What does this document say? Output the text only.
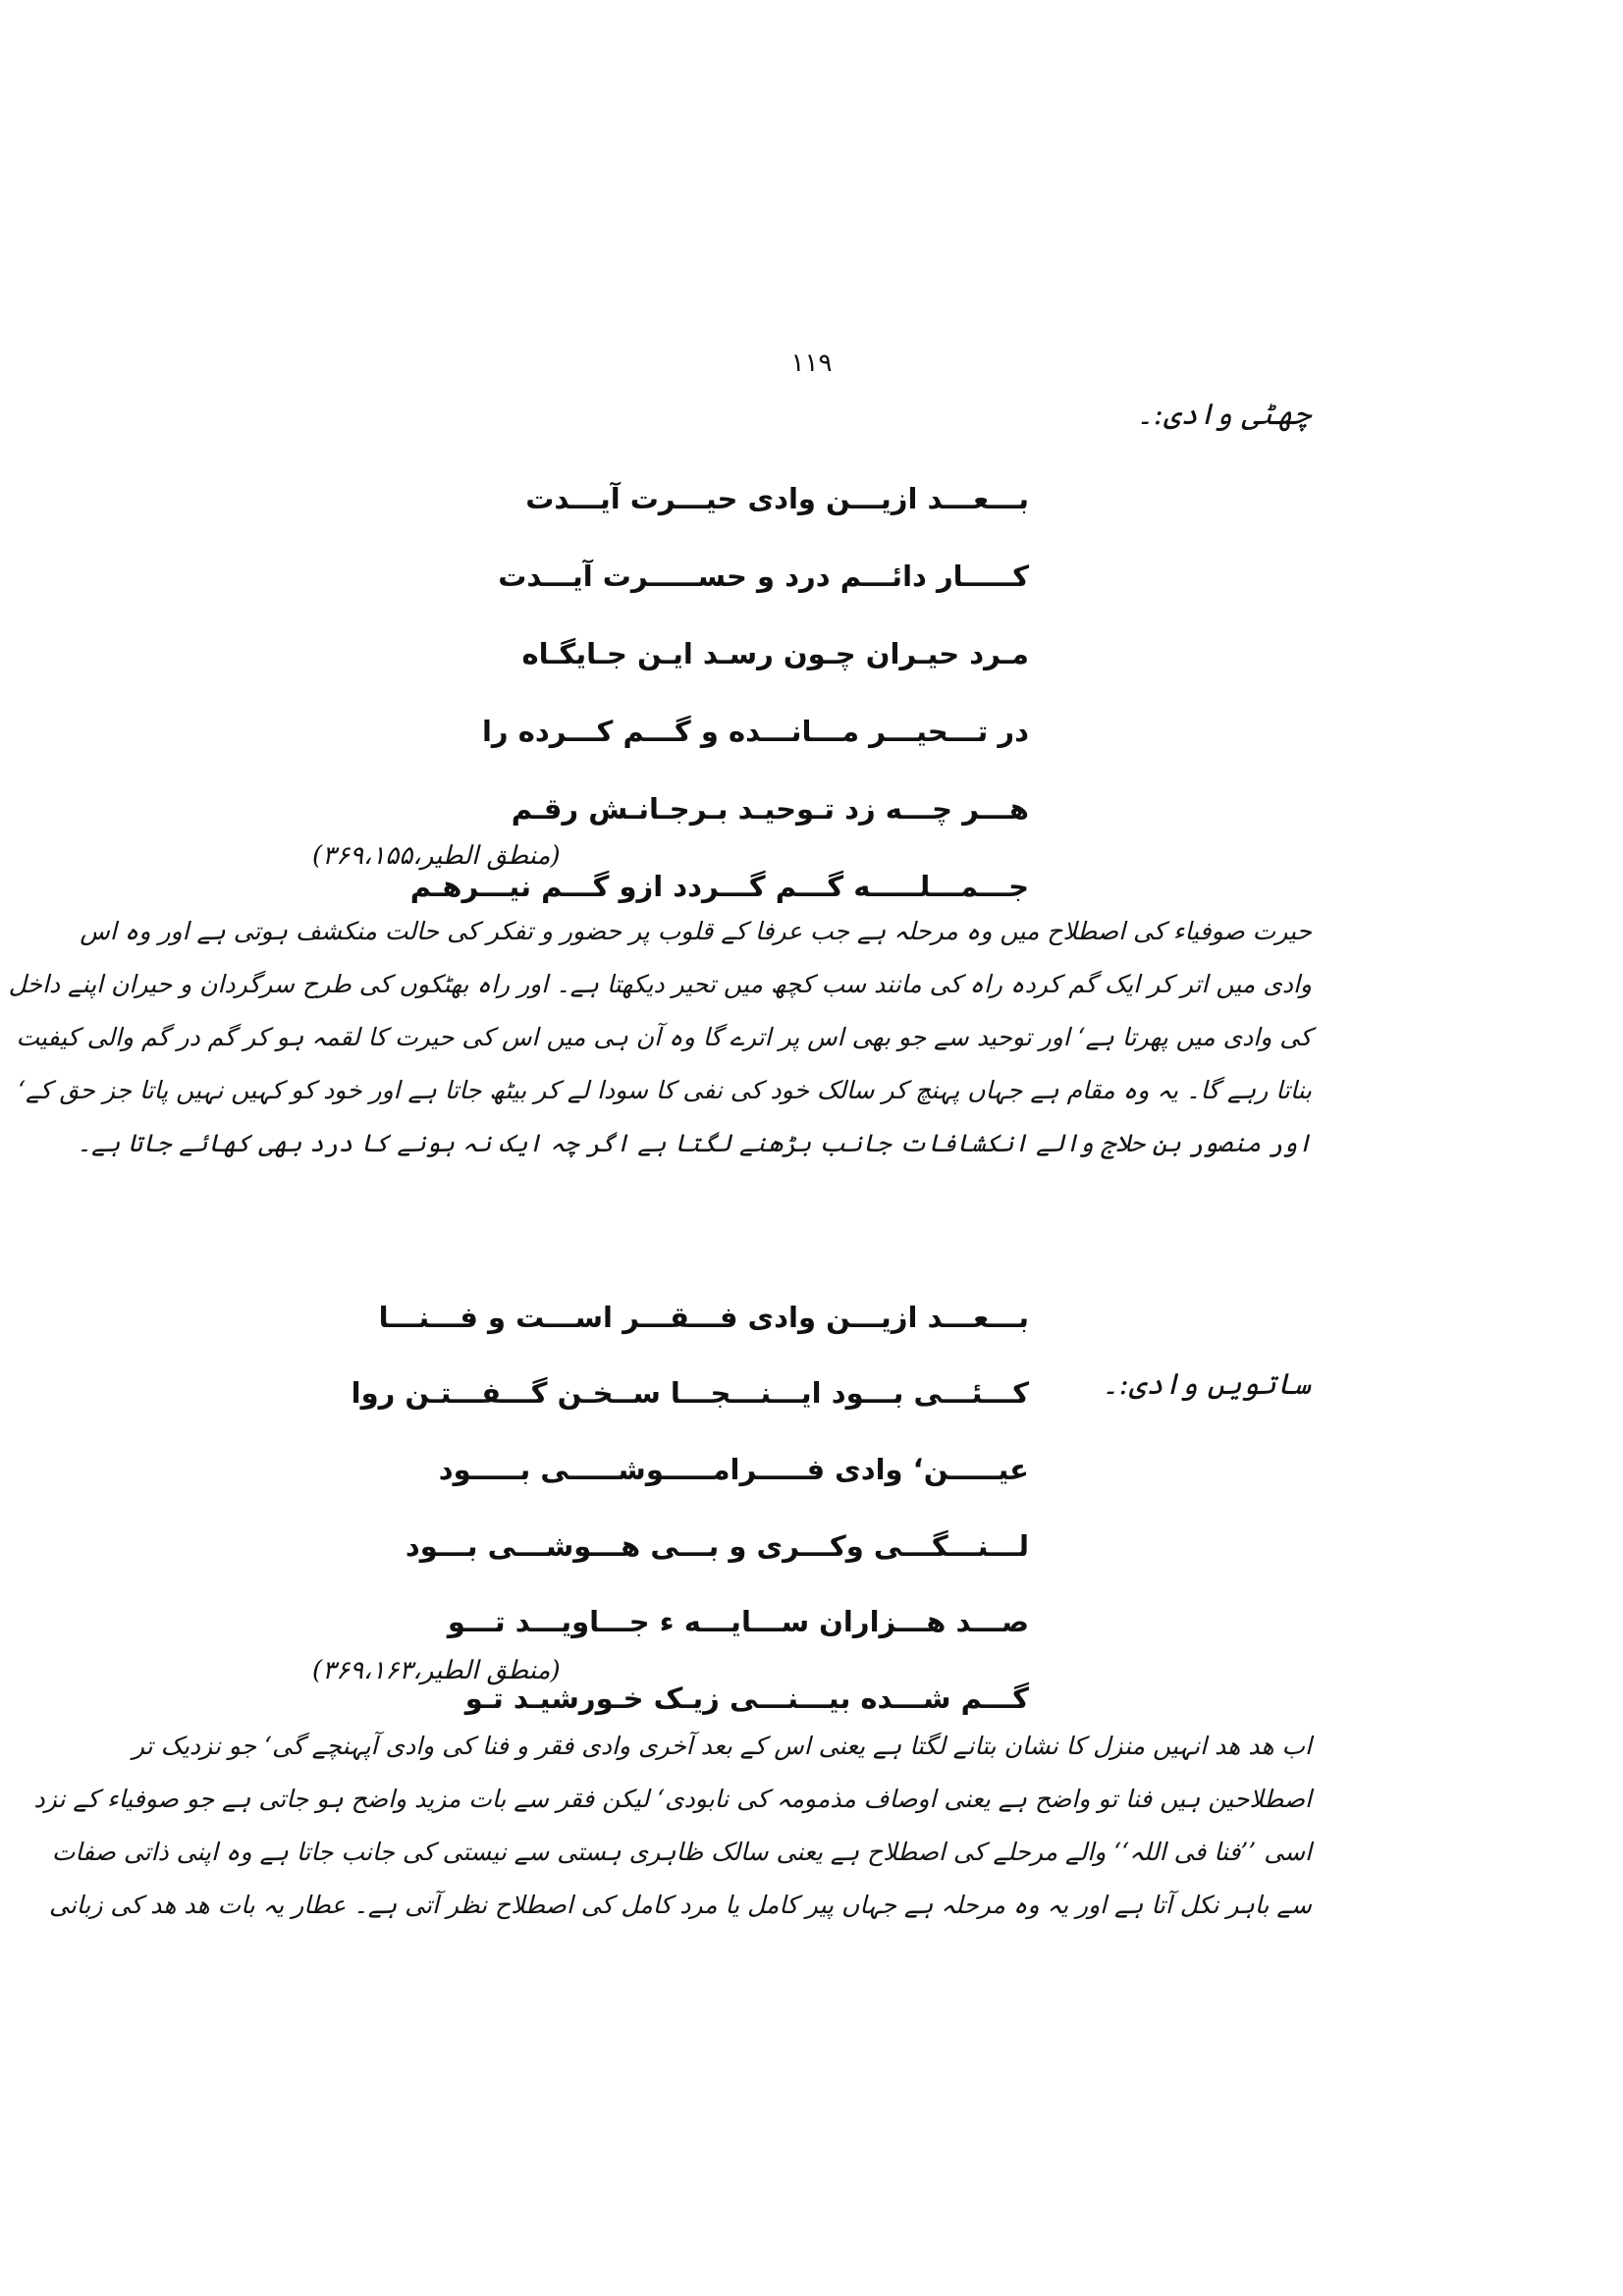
۱۱۹
چھٹی وادی:۔
بـــعـــد ازیـــن وادی حیـــرت آیـــدت
کـــــار دائـــم درد و حســـــرت آیـــدت
مـرد حیـران چـون رسـد ایـن جـایگـاه
در تـــحیـــر مـــانـــده و گـــم کـــرده را
هـــر چـــه زد تـوحیـد بـرجـانـش رقـم
جـــمـــلـــــه گـــم گـــردد ازو گـــم نیـــرهـم
(منطق الطیر،۳۶۹،۱۵۵)
حیرت صوفیاء کی اصطلاح میں وہ مرحلہ ہے جب عرفا کے قلوب پر حضور و تفکر کی حالت منکشف ہوتی ہے اور وہ اس
وادی میں اتر کر ایک گم کردہ راہ کی مانند سب کچھ میں تحیر دیکھتا ہے۔ اور راہ بھٹکوں کی طرح سرگردان و حیران اپنے داخل
کی وادی میں پھرتا ہے‘ اور توحید سے جو بھی اس پر اترے گا وہ آن ہی میں اس کی حیرت کا لقمہ ہو کر گم در گم والی کیفیت
بناتا رہے گا۔ یہ وہ مقام ہے جہاں پہنچ کر سالک خود کی نفی کا سودا لے کر بیٹھ جاتا ہے اور خود کو کہیں نہیں پاتا جز حق کے‘
اور منصور بن حلاج والے انکشافات جانب بڑھنے لگتا ہے اگر چہ ایک نہ ہونے کا درد بھی کھائے جاتا ہے۔
ساتویں وادی:۔
بـــعـــد ازیـــن وادی فـــقـــر اســـت و فـــنـــا
کـــئـــی بـــود ایـــنـــجـــا ســخـن گـــفـــتـن روا
عیـــــن‘ وادی فـــــرامـــــوشـــــی بـــــود
لـــنـــگـــی وکـــری و بـــی هـــوشـــی بـــود
صـــد هـــزاران ســـایـــه ء جـــاویـــد تـــو
گـــم شـــده بیـــنـــی زیـک خـورشیـد تـو
(منطق الطیر،۳۶۹،۱۶۳)
اب ھد ھد انہیں منزل کا نشان بتانے لگتا ہے یعنی اس کے بعد آخری وادی فقر و فنا کی وادی آپہنچے گی‘ جو نزدیک تر
اصطلاحین ہیں فنا تو واضح ہے یعنی اوصاف مذمومہ کی نابودی‘ لیکن فقر سے بات مزید واضح ہو جاتی ہے جو صوفیاء کے نزد
اسی ’’فنا فی اللہ‘‘ والے مرحلے کی اصطلاح ہے یعنی سالک ظاہری ہستی سے نیستی کی جانب جاتا ہے وہ اپنی ذاتی صفات
سے باہر نکل آتا ہے اور یہ وہ مرحلہ ہے جہاں پیر کامل یا مرد کامل کی اصطلاح نظر آتی ہے۔ عطار یہ بات ھد ھد کی زبانی
